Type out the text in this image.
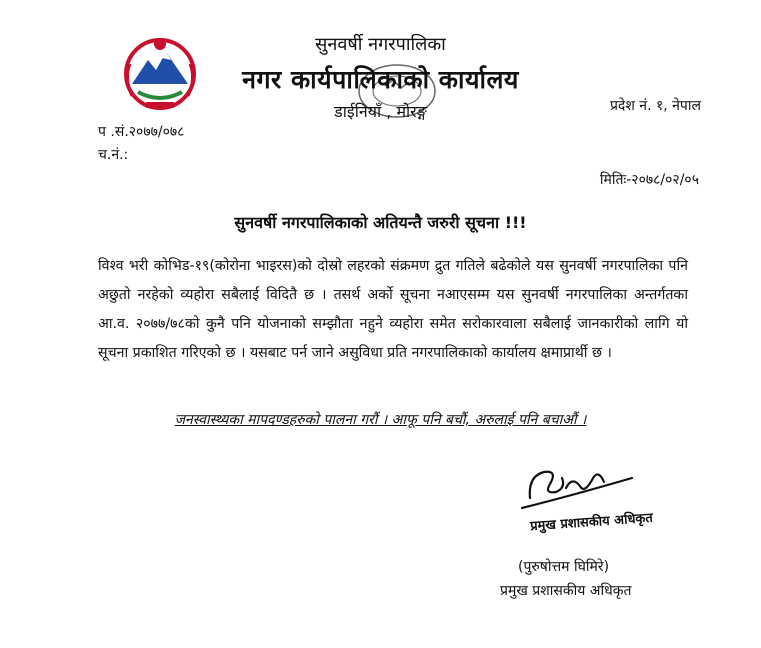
सुनवर्षी नगरपालिका
नगर कार्यपालिकाको कार्यालय
डाईनियाँ , मोरङ्ग	प्रदेश नं. १, नेपाल
प .सं.२०७७/०७८
च.नं.:
मितिः-२०७८/०२/०५
सुनवर्षी नगरपालिकाको अतियन्तै जरुरी सूचना !!!
विश्व भरी कोभिड-१९(कोरोना भाइरस)को दोस्रो लहरको संक्रमण द्रुत गतिले बढेकोले यस सुनवर्षी नगरपालिका पनि अछुतो नरहेको व्यहोरा सबैलाई विदितै छ । तसर्थ अर्को सूचना नआएसम्म यस सुनवर्षी नगरपालिका अन्तर्गतका आ.व. २०७७/७८को कुनै पनि योजनाको सम्झौता नहुने व्यहोरा समेत सरोकारवाला सबैलाई जानकारीको लागि यो सूचना प्रकाशित गरिएको छ । यसबाट पर्न जाने असुविधा प्रति नगरपालिकाको कार्यालय क्षमाप्रार्थी छ ।
जनस्वास्थ्यका मापदण्डहरुको पालना गरौं । आफू पनि बचौं, अरुलाई पनि बचाऔं ।
प्रमुख प्रशासकीय अधिकृत
(पुरुषोत्तम घिमिरे)
प्रमुख प्रशासकीय अधिकृत
